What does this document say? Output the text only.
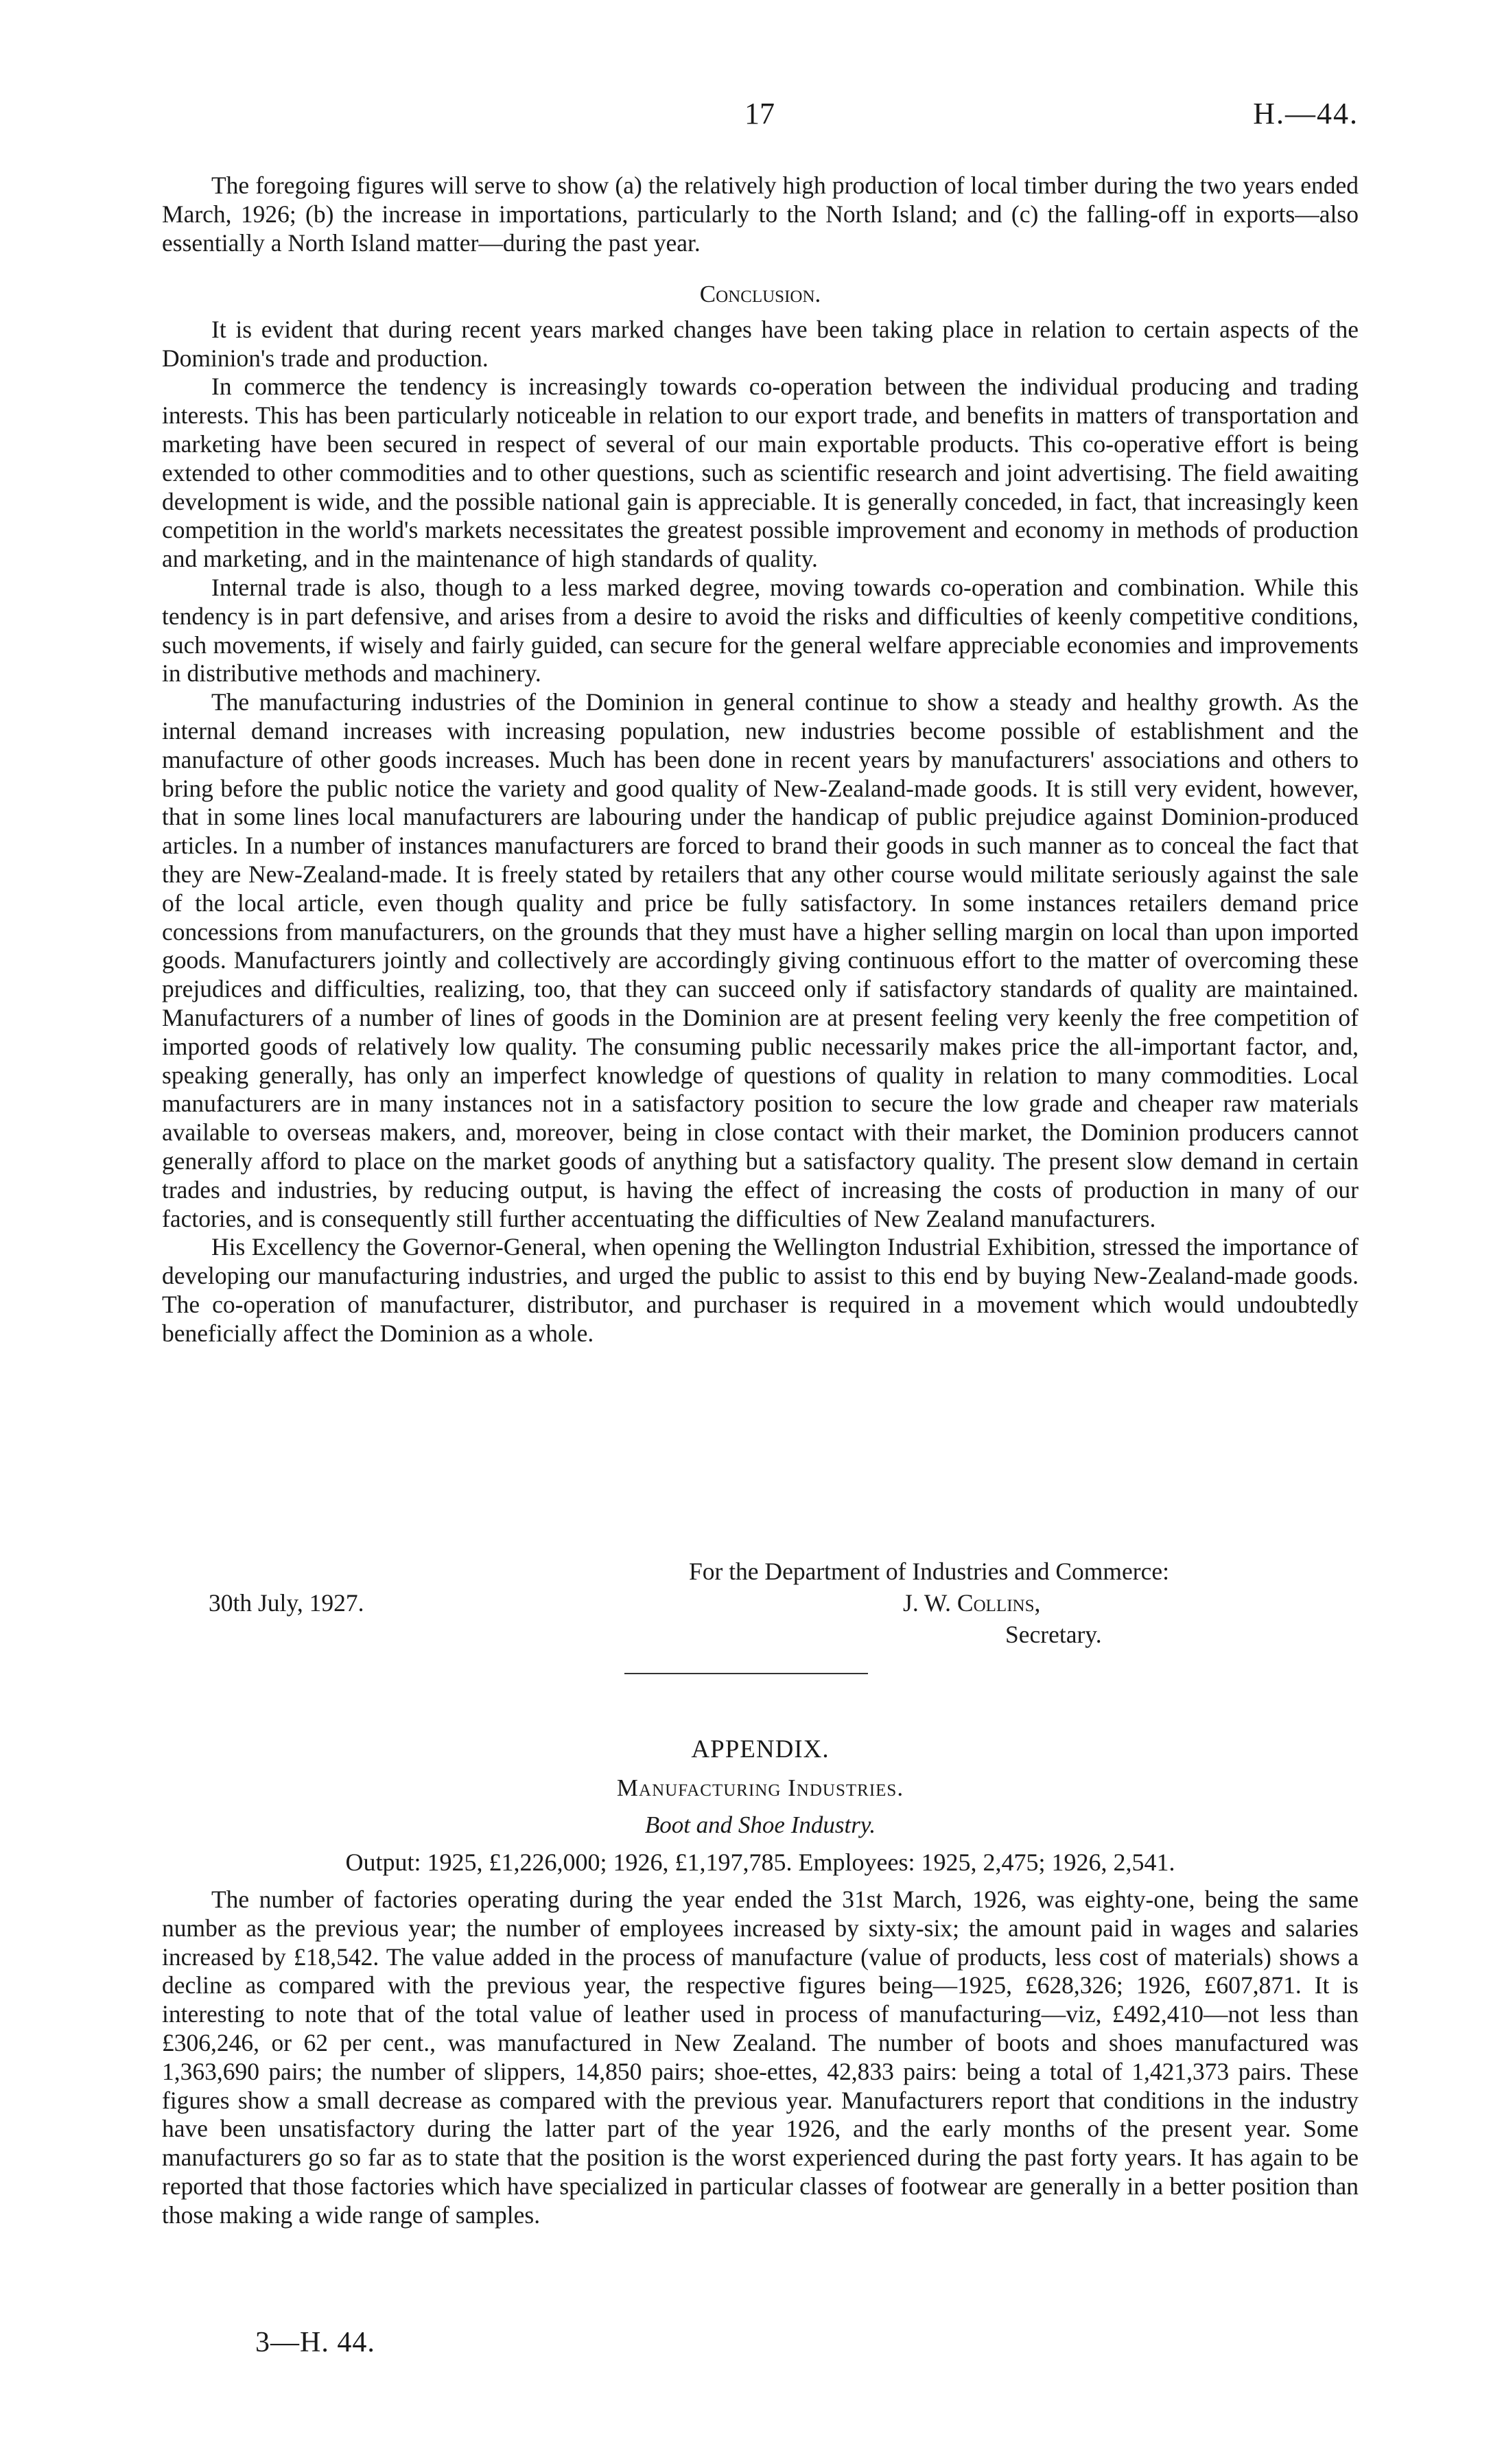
17	H.—44.

The foregoing figures will serve to show (a) the relatively high production of local timber during the two years ended March, 1926; (b) the increase in importations, particularly to the North Island; and (c) the falling-off in exports—also essentially a North Island matter—during the past year.

Conclusion.

It is evident that during recent years marked changes have been taking place in relation to certain aspects of the Dominion's trade and production.

In commerce the tendency is increasingly towards co-operation between the individual producing and trading interests. This has been particularly noticeable in relation to our export trade, and benefits in matters of transportation and marketing have been secured in respect of several of our main exportable products. This co-operative effort is being extended to other commodities and to other questions, such as scientific research and joint advertising. The field awaiting development is wide, and the possible national gain is appreciable. It is generally conceded, in fact, that increasingly keen competition in the world's markets necessitates the greatest possible improvement and economy in methods of production and marketing, and in the maintenance of high standards of quality.

Internal trade is also, though to a less marked degree, moving towards co-operation and combination. While this tendency is in part defensive, and arises from a desire to avoid the risks and difficulties of keenly competitive conditions, such movements, if wisely and fairly guided, can secure for the general welfare appreciable economies and improvements in distributive methods and machinery.

The manufacturing industries of the Dominion in general continue to show a steady and healthy growth. As the internal demand increases with increasing population, new industries become possible of establishment and the manufacture of other goods increases. Much has been done in recent years by manufacturers' associations and others to bring before the public notice the variety and good quality of New-Zealand-made goods. It is still very evident, however, that in some lines local manufacturers are labouring under the handicap of public prejudice against Dominion-produced articles. In a number of instances manufacturers are forced to brand their goods in such manner as to conceal the fact that they are New-Zealand-made. It is freely stated by retailers that any other course would militate seriously against the sale of the local article, even though quality and price be fully satisfactory. In some instances retailers demand price concessions from manufacturers, on the grounds that they must have a higher selling margin on local than upon imported goods. Manufacturers jointly and collectively are accordingly giving continuous effort to the matter of overcoming these prejudices and difficulties, realizing, too, that they can succeed only if satisfactory standards of quality are maintained. Manufacturers of a number of lines of goods in the Dominion are at present feeling very keenly the free competition of imported goods of relatively low quality. The consuming public necessarily makes price the all-important factor, and, speaking generally, has only an imperfect knowledge of questions of quality in relation to many commodities. Local manufacturers are in many instances not in a satisfactory position to secure the low grade and cheaper raw materials available to overseas makers, and, moreover, being in close contact with their market, the Dominion producers cannot generally afford to place on the market goods of anything but a satisfactory quality. The present slow demand in certain trades and industries, by reducing output, is having the effect of increasing the costs of production in many of our factories, and is consequently still further accentuating the difficulties of New Zealand manufacturers.

His Excellency the Governor-General, when opening the Wellington Industrial Exhibition, stressed the importance of developing our manufacturing industries, and urged the public to assist to this end by buying New-Zealand-made goods. The co-operation of manufacturer, distributor, and purchaser is required in a movement which would undoubtedly beneficially affect the Dominion as a whole.

For the Department of Industries and Commerce:
30th July, 1927.	J. W. Collins,
Secretary.
APPENDIX.
Manufacturing Industries.
Boot and Shoe Industry.
Output: 1925, £1,226,000; 1926, £1,197,785. Employees: 1925, 2,475; 1926, 2,541.

The number of factories operating during the year ended the 31st March, 1926, was eighty-one, being the same number as the previous year; the number of employees increased by sixty-six; the amount paid in wages and salaries increased by £18,542. The value added in the process of manufacture (value of products, less cost of materials) shows a decline as compared with the previous year, the respective figures being—1925, £628,326; 1926, £607,871. It is interesting to note that of the total value of leather used in process of manufacturing—viz, £492,410—not less than £306,246, or 62 per cent., was manufactured in New Zealand. The number of boots and shoes manufactured was 1,363,690 pairs; the number of slippers, 14,850 pairs; shoe-ettes, 42,833 pairs: being a total of 1,421,373 pairs. These figures show a small decrease as compared with the previous year. Manufacturers report that conditions in the industry have been unsatisfactory during the latter part of the year 1926, and the early months of the present year. Some manufacturers go so far as to state that the position is the worst experienced during the past forty years. It has again to be reported that those factories which have specialized in particular classes of footwear are generally in a better position than those making a wide range of samples.

3—H. 44.
